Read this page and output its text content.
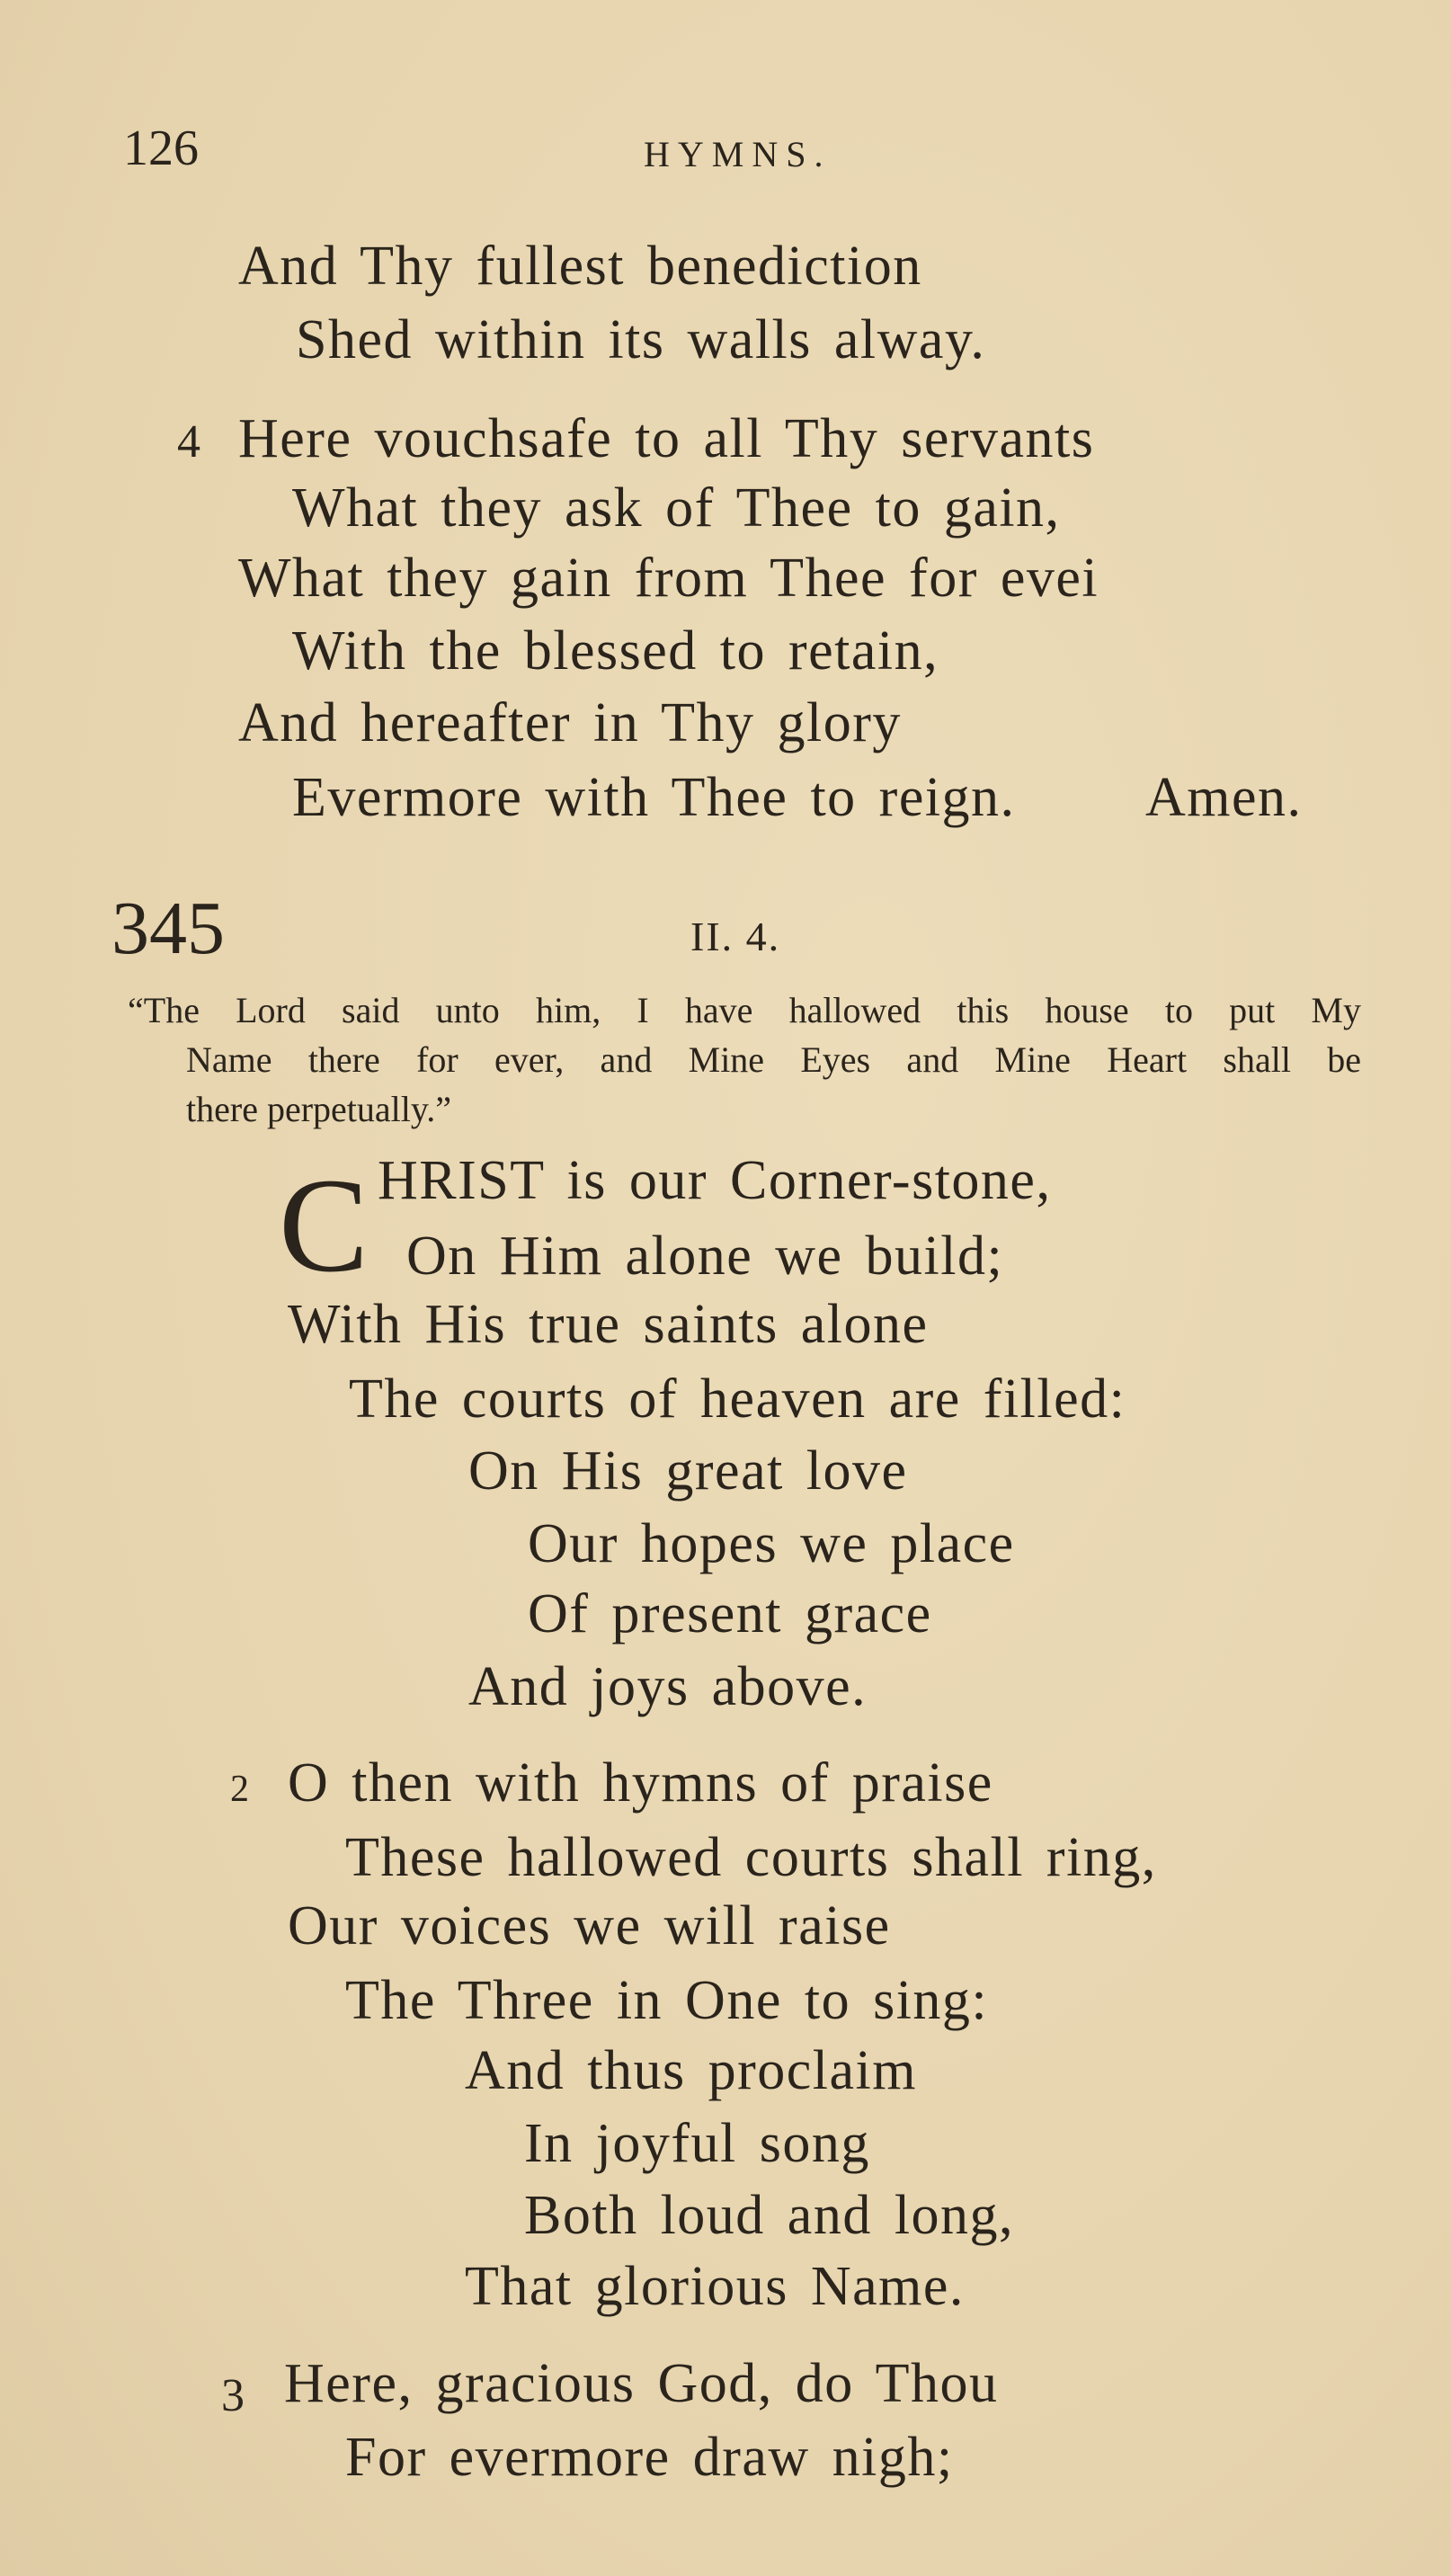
126	HYMNS.
And Thy fullest benediction
Shed within its walls alway.
4 Here vouchsafe to all Thy servants
What they ask of Thee to gain,
What they gain from Thee for evei
With the blessed to retain,
And hereafter in Thy glory
Evermore with Thee to reign. Amen.
345	II. 4.
“The Lord said unto him, I have hallowed this house to put My
Name there for ever, and Mine Eyes and Mine Heart shall be
there perpetually.”
C HRIST is our Corner-stone,
On Him alone we build;
With His true saints alone
The courts of heaven are filled:
On His great love
Our hopes we place
Of present grace
And joys above.
2 O then with hymns of praise
These hallowed courts shall ring,
Our voices we will raise
The Three in One to sing:
And thus proclaim
In joyful song
Both loud and long,
That glorious Name.
3 Here, gracious God, do Thou
For evermore draw nigh;
